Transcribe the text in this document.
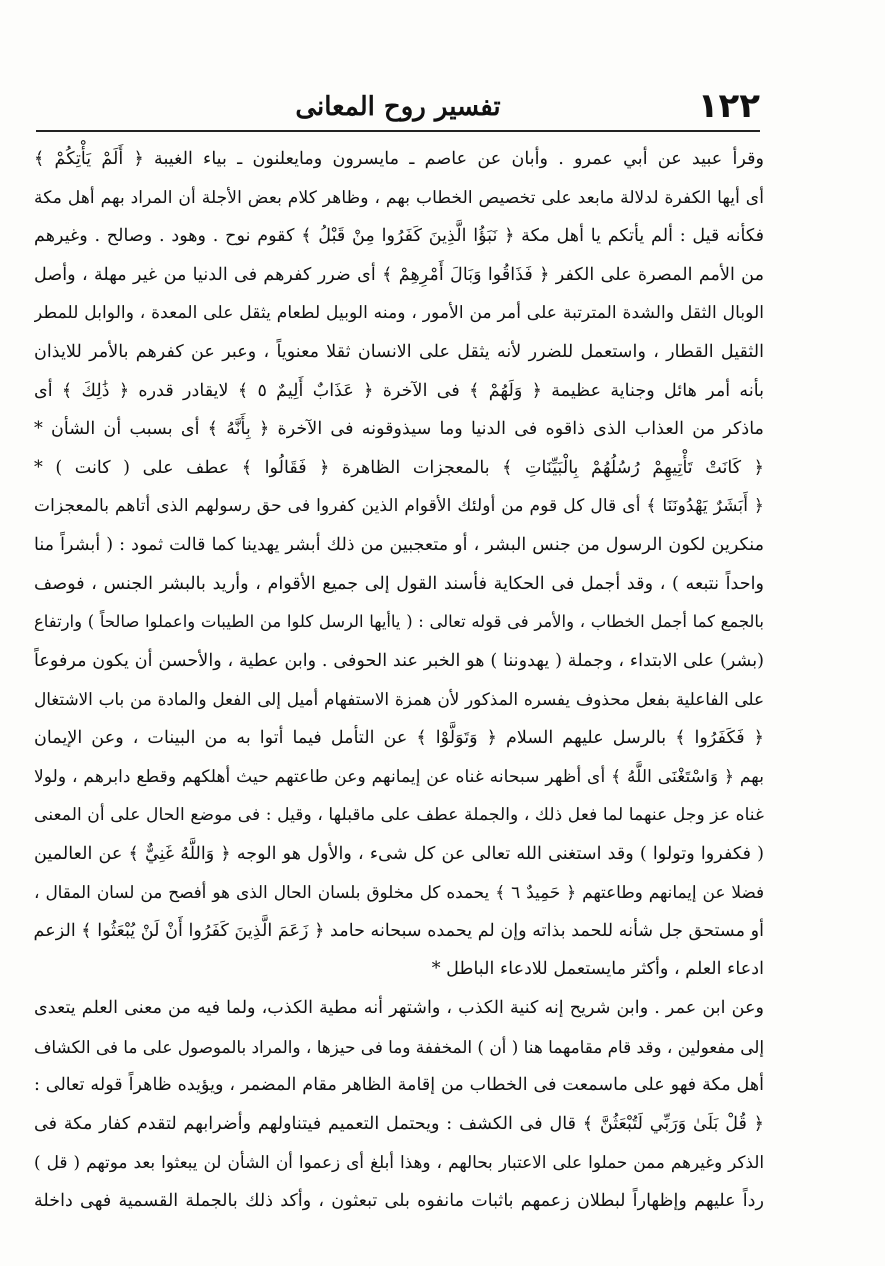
١٢٢
تفسير روح المعانى
وقرأ عبيد عن أبي عمرو . وأبان عن عاصم ـ مايسرون ومايعلنون ـ بياء الغيبة ﴿ أَلَمْ يَأْتِكُمْ ﴾
أى أيها الكفرة لدلالة مابعد على تخصيص الخطاب بهم ، وظاهر كلام بعض الأجلة أن المراد بهم أهل مكة
فكأنه قيل : ألم يأتكم يا أهل مكة ﴿ نَبَؤُا الَّذِينَ كَفَرُوا مِنْ قَبْلُ ﴾ كقوم نوح . وهود . وصالح . وغيرهم
من الأمم المصرة على الكفر ﴿ فَذَاقُوا وَبَالَ أَمْرِهِمْ ﴾ أى ضرر كفرهم فى الدنيا من غير مهلة ، وأصل
الوبال الثقل والشدة المترتبة على أمر من الأمور ، ومنه الوبيل لطعام يثقل على المعدة ، والوابل للمطر
الثقيل القطار ، واستعمل للضرر لأنه يثقل على الانسان ثقلا معنوياً ، وعبر عن كفرهم بالأمر للايذان
بأنه أمر هائل وجناية عظيمة ﴿ وَلَهُمْ ﴾ فى الآخرة ﴿ عَذَابٌ أَلِيمٌ ٥ ﴾ لايقادر قدره ﴿ ذَٰلِكَ ﴾ أى
ماذكر من العذاب الذى ذاقوه فى الدنيا وما سيذوقونه فى الآخرة ﴿ بِأَنَّهُ ﴾ أى بسبب أن الشأن *
﴿ كَانَتْ تَأْتِيهِمْ رُسُلُهُمْ بِالْبَيِّنَاتِ ﴾ بالمعجزات الظاهرة ﴿ فَقَالُوا ﴾ عطف على ( كانت ) *
﴿ أَبَشَرٌ يَهْدُونَنَا ﴾ أى قال كل قوم من أولئك الأقوام الذين كفروا فى حق رسولهم الذى أتاهم بالمعجزات
منكرين لكون الرسول من جنس البشر ، أو متعجبين من ذلك أبشر يهدينا كما قالت ثمود : ( أبشراً منا
واحداً نتبعه ) ، وقد أجمل فى الحكاية فأسند القول إلى جميع الأقوام ، وأريد بالبشر الجنس ، فوصف
بالجمع كما أجمل الخطاب ، والأمر فى قوله تعالى : ( ياأيها الرسل كلوا من الطيبات واعملوا صالحاً ) وارتفاع
(بشر) على الابتداء ، وجملة ( يهدوننا ) هو الخبر عند الحوفى . وابن عطية ، والأحسن أن يكون مرفوعاً
على الفاعلية بفعل محذوف يفسره المذكور لأن همزة الاستفهام أميل إلى الفعل والمادة من باب الاشتغال
﴿ فَكَفَرُوا ﴾ بالرسل عليهم السلام ﴿ وَتَوَلَّوْا ﴾ عن التأمل فيما أتوا به من البينات ، وعن الإيمان
بهم ﴿ وَاسْتَغْنَى اللَّهُ ﴾ أى أظهر سبحانه غناه عن إيمانهم وعن طاعتهم حيث أهلكهم وقطع دابرهم ، ولولا
غناه عز وجل عنهما لما فعل ذلك ، والجملة عطف على ماقبلها ، وقيل : فى موضع الحال على أن المعنى
( فكفروا وتولوا ) وقد استغنى الله تعالى عن كل شىء ، والأول هو الوجه ﴿ وَاللَّهُ غَنِيٌّ ﴾ عن العالمين
فضلا عن إيمانهم وطاعتهم ﴿ حَمِيدٌ ٦ ﴾ يحمده كل مخلوق بلسان الحال الذى هو أفصح من لسان المقال ،
أو مستحق جل شأنه للحمد بذاته وإن لم يحمده سبحانه حامد ﴿ زَعَمَ الَّذِينَ كَفَرُوا أَنْ لَنْ يُبْعَثُوا ﴾ الزعم
ادعاء العلم ، وأكثر مايستعمل للادعاء الباطل *
وعن ابن عمر . وابن شريح إنه كنية الكذب ، واشتهر أنه مطية الكذب، ولما فيه من معنى العلم يتعدى
إلى مفعولين ، وقد قام مقامهما هنا ( أن ) المخففة وما فى حيزها ، والمراد بالموصول على ما فى الكشاف
أهل مكة فهو على ماسمعت فى الخطاب من إقامة الظاهر مقام المضمر ، ويؤيده ظاهراً قوله تعالى :
﴿ قُلْ بَلَىٰ وَرَبِّي لَتُبْعَثُنَّ ﴾ قال فى الكشف : ويحتمل التعميم فيتناولهم وأضرابهم لتقدم كفار مكة فى
الذكر وغيرهم ممن حملوا على الاعتبار بحالهم ، وهذا أبلغ أى زعموا أن الشأن لن يبعثوا بعد موتهم ( قل )
رداً عليهم وإظهاراً لبطلان زعمهم باثبات مانفوه بلى تبعثون ، وأكد ذلك بالجملة القسمية فهى داخلة
